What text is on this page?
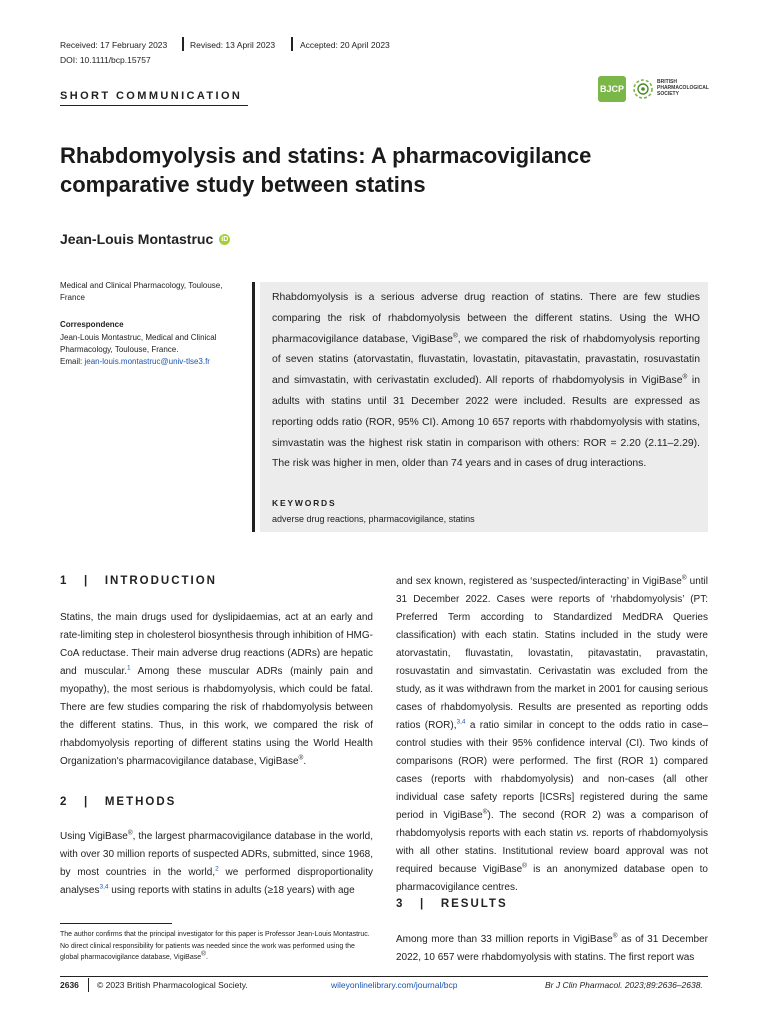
Received: 17 February 2023	Revised: 13 April 2023	Accepted: 20 April 2023
DOI: 10.1111/bcp.15757
SHORT COMMUNICATION
BJCP
BRITISH
PHARMACOLOGICAL
SOCIETY
Rhabdomyolysis and statins: A pharmacovigilance comparative study between statins
Jean-Louis Montastruc iD
Medical and Clinical Pharmacology, Toulouse, France
Correspondence
Jean-Louis Montastruc, Medical and Clinical
Pharmacology, Toulouse, France.
Email: jean-louis.montastruc@univ-tlse3.fr
Rhabdomyolysis is a serious adverse drug reaction of statins. There are few studies comparing the risk of rhabdomyolysis between the different statins. Using the WHO pharmacovigilance database, VigiBase®, we compared the risk of rhabdomyolysis reporting of seven statins (atorvastatin, fluvastatin, lovastatin, pitavastatin, pravastatin, rosuvastatin and simvastatin, with cerivastatin excluded). All reports of rhabdomyolysis in VigiBase® in adults with statins until 31 December 2022 were included. Results are expressed as reporting odds ratio (ROR, 95% CI). Among 10 657 reports with rhabdomyolysis with statins, simvastatin was the highest risk statin in comparison with others: ROR = 2.20 (2.11–2.29). The risk was higher in men, older than 74 years and in cases of drug interactions.
KEYWORDS
adverse drug reactions, pharmacovigilance, statins
1 | INTRODUCTION
Statins, the main drugs used for dyslipidaemias, act at an early and rate-limiting step in cholesterol biosynthesis through inhibition of HMG-CoA reductase. Their main adverse drug reactions (ADRs) are hepatic and muscular.$^1$ Among these muscular ADRs (mainly pain and myopathy), the most serious is rhabdomyolysis, which could be fatal. There are few studies comparing the risk of rhabdomyolysis between the different statins. Thus, in this work, we compared the risk of rhabdomyolysis reporting of different statins using the World Health Organization's pharmacovigilance database, VigiBase®.
2 | METHODS
Using VigiBase®, the largest pharmacovigilance database in the world, with over 30 million reports of suspected ADRs, submitted, since 1968, by most countries in the world,$^2$ we performed disproportionality analyses$^{3,4}$ using reports with statins in adults (≥18 years) with age
and sex known, registered as ‘suspected/interacting’ in VigiBase® until 31 December 2022. Cases were reports of ‘rhabdomyolysis’ (PT: Preferred Term according to Standardized MedDRA Queries classification) with each statin. Statins included in the study were atorvastatin, fluvastatin, lovastatin, pitavastatin, pravastatin, rosuvastatin and simvastatin. Cerivastatin was excluded from the study, as it was withdrawn from the market in 2001 for causing serious cases of rhabdomyolysis. Results are presented as reporting odds ratios (ROR),$^{3,4}$ a ratio similar in concept to the odds ratio in case–control studies with their 95% confidence interval (CI). Two kinds of comparisons (ROR) were performed. The first (ROR 1) compared cases (reports with rhabdomyolysis) and non-cases (all other individual case safety reports [ICSRs] registered during the same period in VigiBase®). The second (ROR 2) was a comparison of rhabdomyolysis reports with each statin vs. reports of rhabdomyolysis with all other statins. Institutional review board approval was not required because VigiBase® is an anonymized database open to pharmacovigilance centres.
3 | RESULTS
Among more than 33 million reports in VigiBase® as of 31 December 2022, 10 657 were rhabdomyolysis with statins. The first report was
The author confirms that the principal investigator for this paper is Professor Jean-Louis Montastruc. No direct clinical responsibility for patients was needed since the work was performed using the global pharmacovigilance database, VigiBase®.
2636 © 2023 British Pharmacological Society.	wileyonlinelibrary.com/journal/bcp	Br J Clin Pharmacol. 2023;89:2636–2638.
